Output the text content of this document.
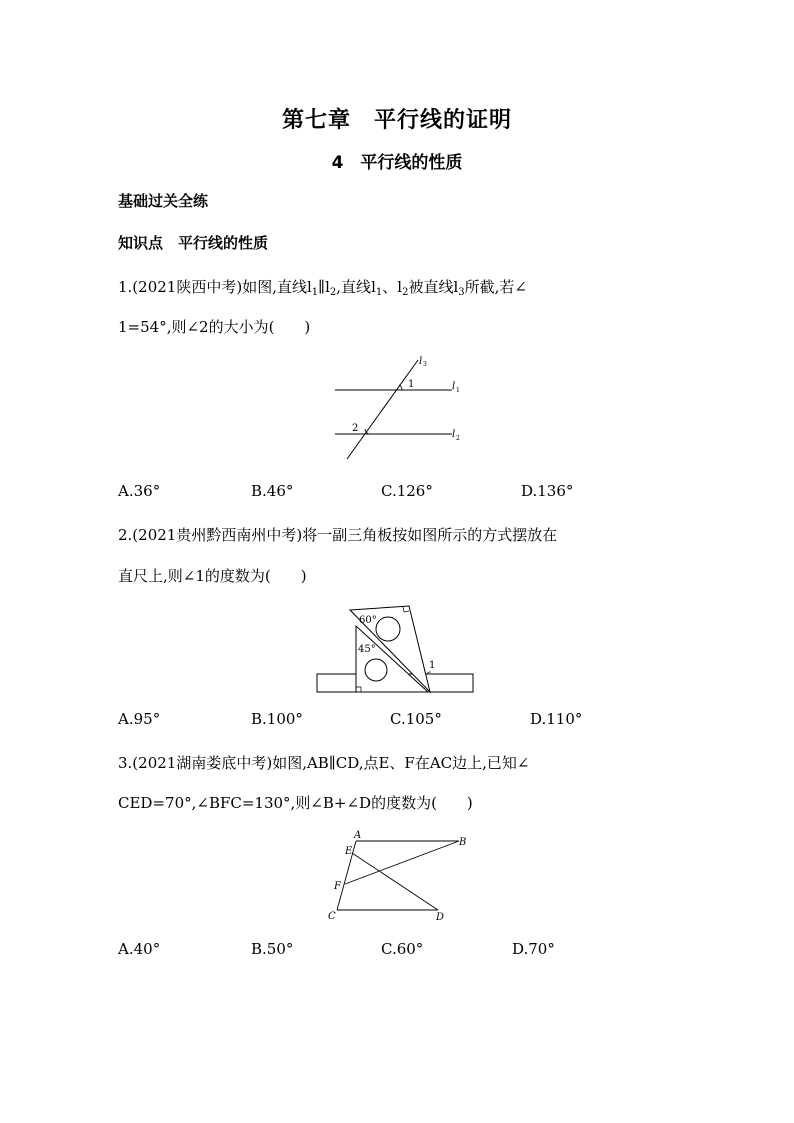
第七章　平行线的证明
4　平行线的性质
基础过关全练
知识点　平行线的性质
1.(2021陕西中考)如图,直线$l_1\parallel l_2$,直线$l_1$、$l_2$被直线$l_3$所截,若∠
1=54°,则∠2的大小为(　　)
l 3
1	l 1
2
l 2
A.36°	B.46°	C.126°	D.136°
2.(2021贵州黔西南州中考)将一副三角板按如图所示的方式摆放在
直尺上,则∠1的度数为(　　)
60°
45°
1
A.95°	B.100°	C.105°	D.110°
3.(2021湖南娄底中考)如图,AB∥CD,点E、F在AC边上,已知∠
CED=70°,∠BFC=130°,则∠B+∠D的度数为(　　)
A
B
E
F
C	D
A.40°	B.50°	C.60°	D.70°
